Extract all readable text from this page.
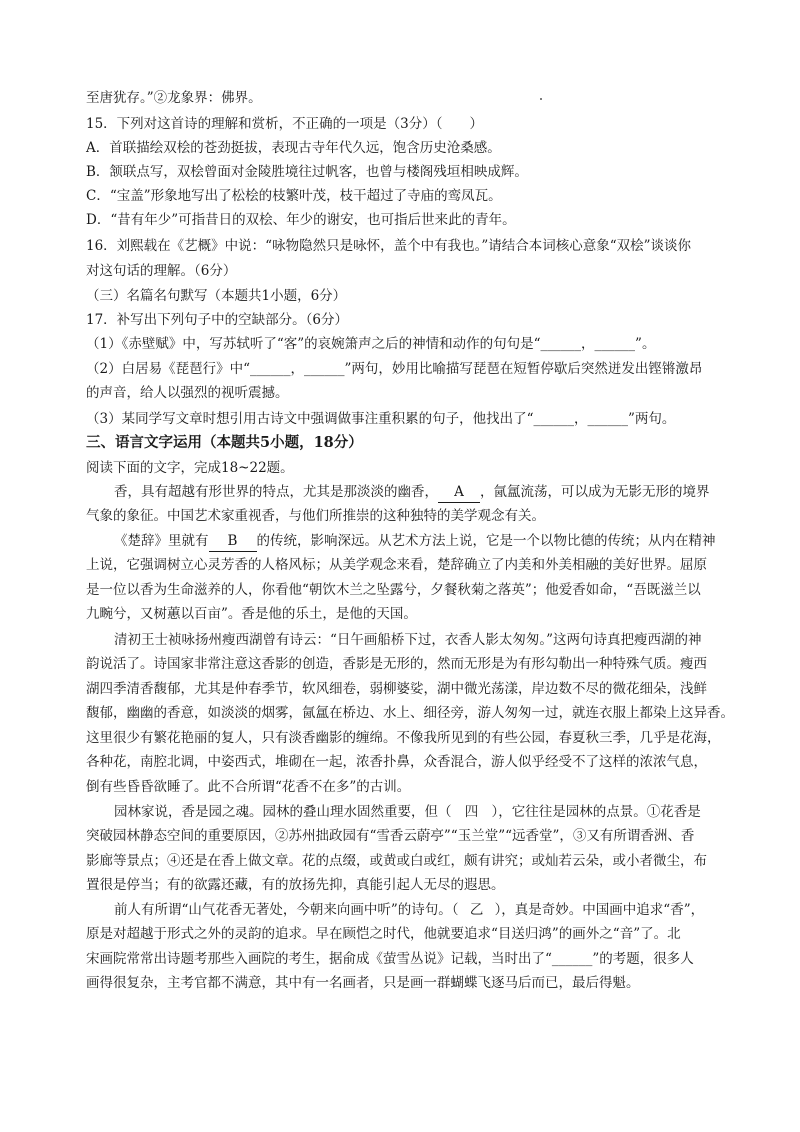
至唐犹存。”②龙象界：佛界。
15．下列对这首诗的理解和赏析，不正确的一项是（3分）（　　）
A．首联描绘双桧的苍劲挺拔，表现古寺年代久远，饱含历史沧桑感。
B．颔联点写，双桧曾面对金陵胜境往过帆客，也曾与楼阁残垣相映成辉。
C．“宝盖”形象地写出了松桧的枝繁叶茂，枝干超过了寺庙的鸾凤瓦。
D．“昔有年少”可指昔日的双桧、年少的谢安，也可指后世来此的青年。
16．刘熙载在《艺概》中说：“咏物隐然只是咏怀，盖个中有我也。”请结合本词核心意象“双桧”谈谈你
对这句话的理解。（6分）
（三）名篇名句默写（本题共1小题，6分）
17．补写出下列句子中的空缺部分。（6分）
（1）《赤壁赋》中，写苏轼听了“客”的哀婉箫声之后的神情和动作的句句是“______，______”。
（2）白居易《琵琶行》中“______，______”两句，妙用比喻描写琵琶在短暂停歇后突然迸发出铿锵激昂
的声音，给人以强烈的视听震撼。
（3）某同学写文章时想引用古诗文中强调做事注重积累的句子，他找出了“______，______”两句。
三、语言文字运用（本题共5小题，18分）
阅读下面的文字，完成18~22题。
香，具有超越有形世界的特点，尤其是那淡淡的幽香， A ，氤氲流荡，可以成为无影无形的境界
气象的象征。中国艺术家重视香，与他们所推崇的这种独特的美学观念有关。
《楚辞》里就有 B 的传统，影响深远。从艺术方法上说，它是一个以物比德的传统；从内在精神
上说，它强调树立心灵芳香的人格风标；从美学观念来看，楚辞确立了内美和外美相融的美好世界。屈原
是一位以香为生命滋养的人，你看他“朝饮木兰之坠露兮，夕餐秋菊之落英”；他爱香如命，“吾既滋兰以
九畹兮，又树蕙以百亩”。香是他的乐土，是他的天国。
清初王士祯咏扬州瘦西湖曾有诗云：“日午画船桥下过，衣香人影太匆匆。”这两句诗真把瘦西湖的神
韵说活了。诗国家非常注意这香影的创造，香影是无形的，然而无形是为有形勾勒出一种特殊气质。瘦西
湖四季清香馥郁，尤其是仲春季节，软风细卷，弱柳婆娑，湖中微光荡漾，岸边数不尽的微花细朵，浅鲜
馥郁，幽幽的香意，如淡淡的烟雾，氤氲在桥边、水上、细径旁，游人匆匆一过，就连衣服上都染上这异香。
这里很少有繁花艳丽的复人，只有淡香幽影的缠绵。不像我所见到的有些公园，春夏秋三季，几乎是花海，
各种花，南腔北调，中姿西式，堆砌在一起，浓香扑鼻，众香混合，游人似乎经受不了这样的浓浓气息，
倒有些昏昏欲睡了。此不合所谓“花香不在多”的古训。
园林家说，香是园之魂。园林的叠山理水固然重要，但（ 四 ），它往往是园林的点景。①花香是
突破园林静态空间的重要原因，②苏州拙政园有“雪香云蔚亭”“玉兰堂”“远香堂”，③又有所谓香洲、香
影廊等景点；④还是在香上做文章。花的点缀，或黄或白或红，颇有讲究；或灿若云朵，或小者微尘，布
置很是停当；有的欲露还藏，有的放扬先抑，真能引起人无尽的遐思。
前人有所谓“山气花香无著处，今朝来向画中听”的诗句。（ 乙 ），真是奇妙。中国画中追求“香”，
原是对超越于形式之外的灵韵的追求。早在顾恺之时代，他就要追求“目送归鸿”的画外之“音”了。北
宋画院常常出诗题考那些入画院的考生，据俞成《萤雪丛说》记载，当时出了“______”的考题，很多人
画得很复杂，主考官都不满意，其中有一名画者，只是画一群蝴蝶飞逐马后而已，最后得魁。
